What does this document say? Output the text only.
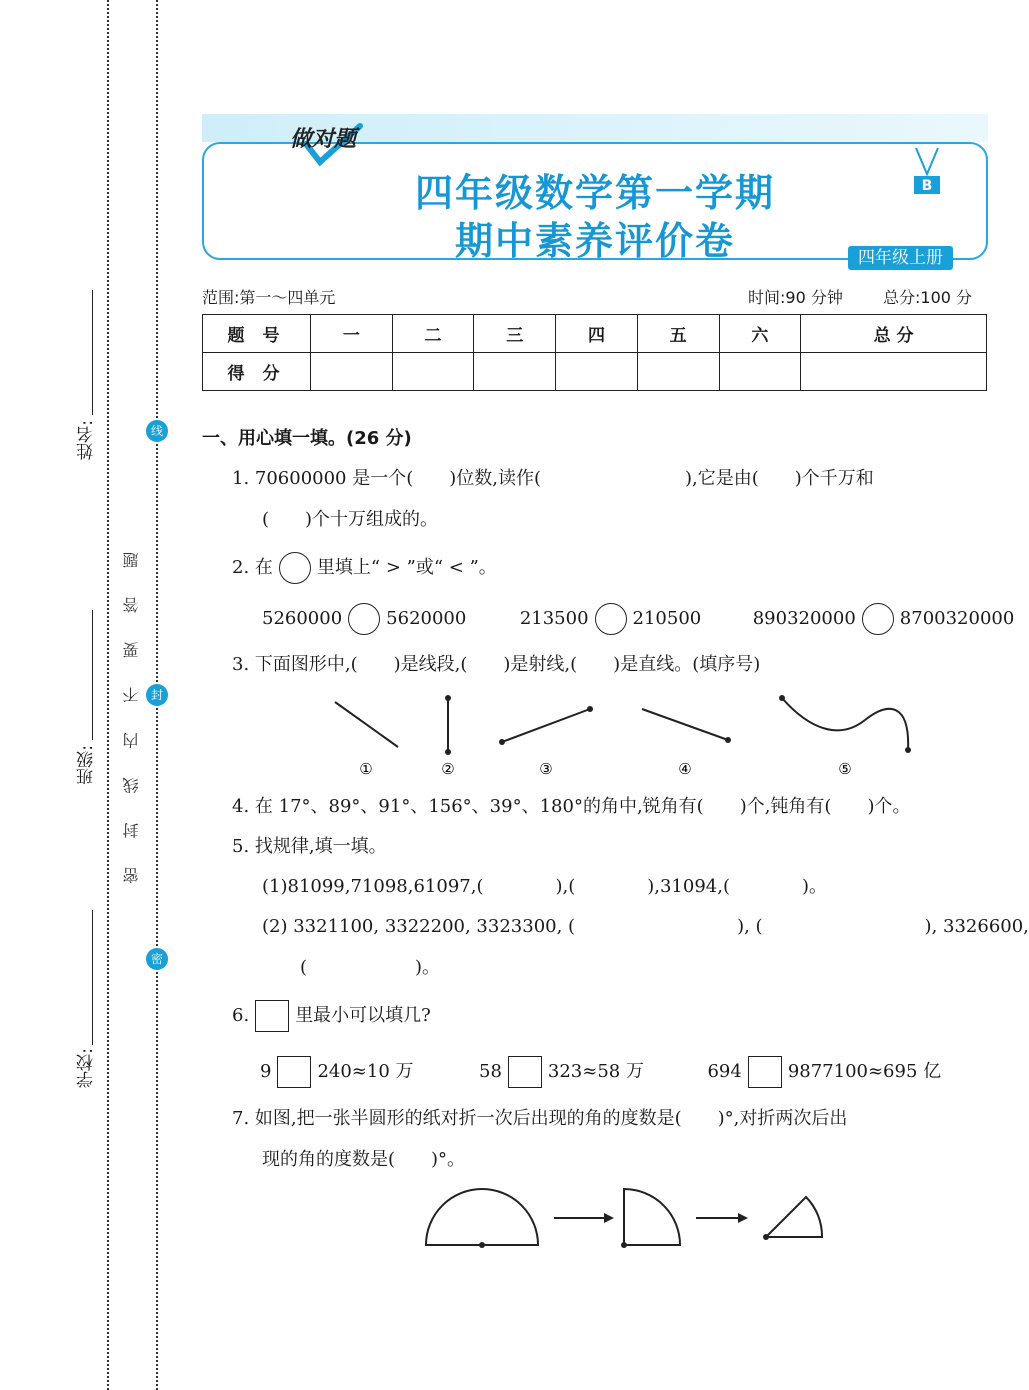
姓名:
班级:
学校:
线
封
密
密 封 线 内 不 要 答 题
做对题
四年级数学第一学期
期中素养评价卷
B
四年级上册
范围:第一～四单元	时间:90 分钟	总分:100 分
题 号	一	二	三	四	五	六	总 分
得 分							
一、用心填一填。(26 分)
1. 70600000 是一个(　　)位数,读作(　　　　　　　　),它是由(　　)个千万和
(　　)个十万组成的。
2. 在 里填上“ > ”或“ < ”。
5260000 5620000	213500 210500	890320000 8700320000
3. 下面图形中,(　　)是线段,(　　)是射线,(　　)是直线。(填序号)
①	②	③	④	⑤
4. 在 17°、89°、91°、156°、39°、180°的角中,锐角有(　　)个,钝角有(　　)个。
5. 找规律,填一填。
(1)81099,71098,61097,(　　　　),(　　　　),31094,(　　　　)。
(2) 3321100, 3322200, 3323300, (　　　　　　　　　), (　　　　　　　　　), 3326600,
(　　　　　　)。
6.	里最小可以填几?
9	240≈10 万	58	323≈58 万	694	9877100≈695 亿
7. 如图,把一张半圆形的纸对折一次后出现的角的度数是(　　)°,对折两次后出
现的角的度数是(　　)°。
